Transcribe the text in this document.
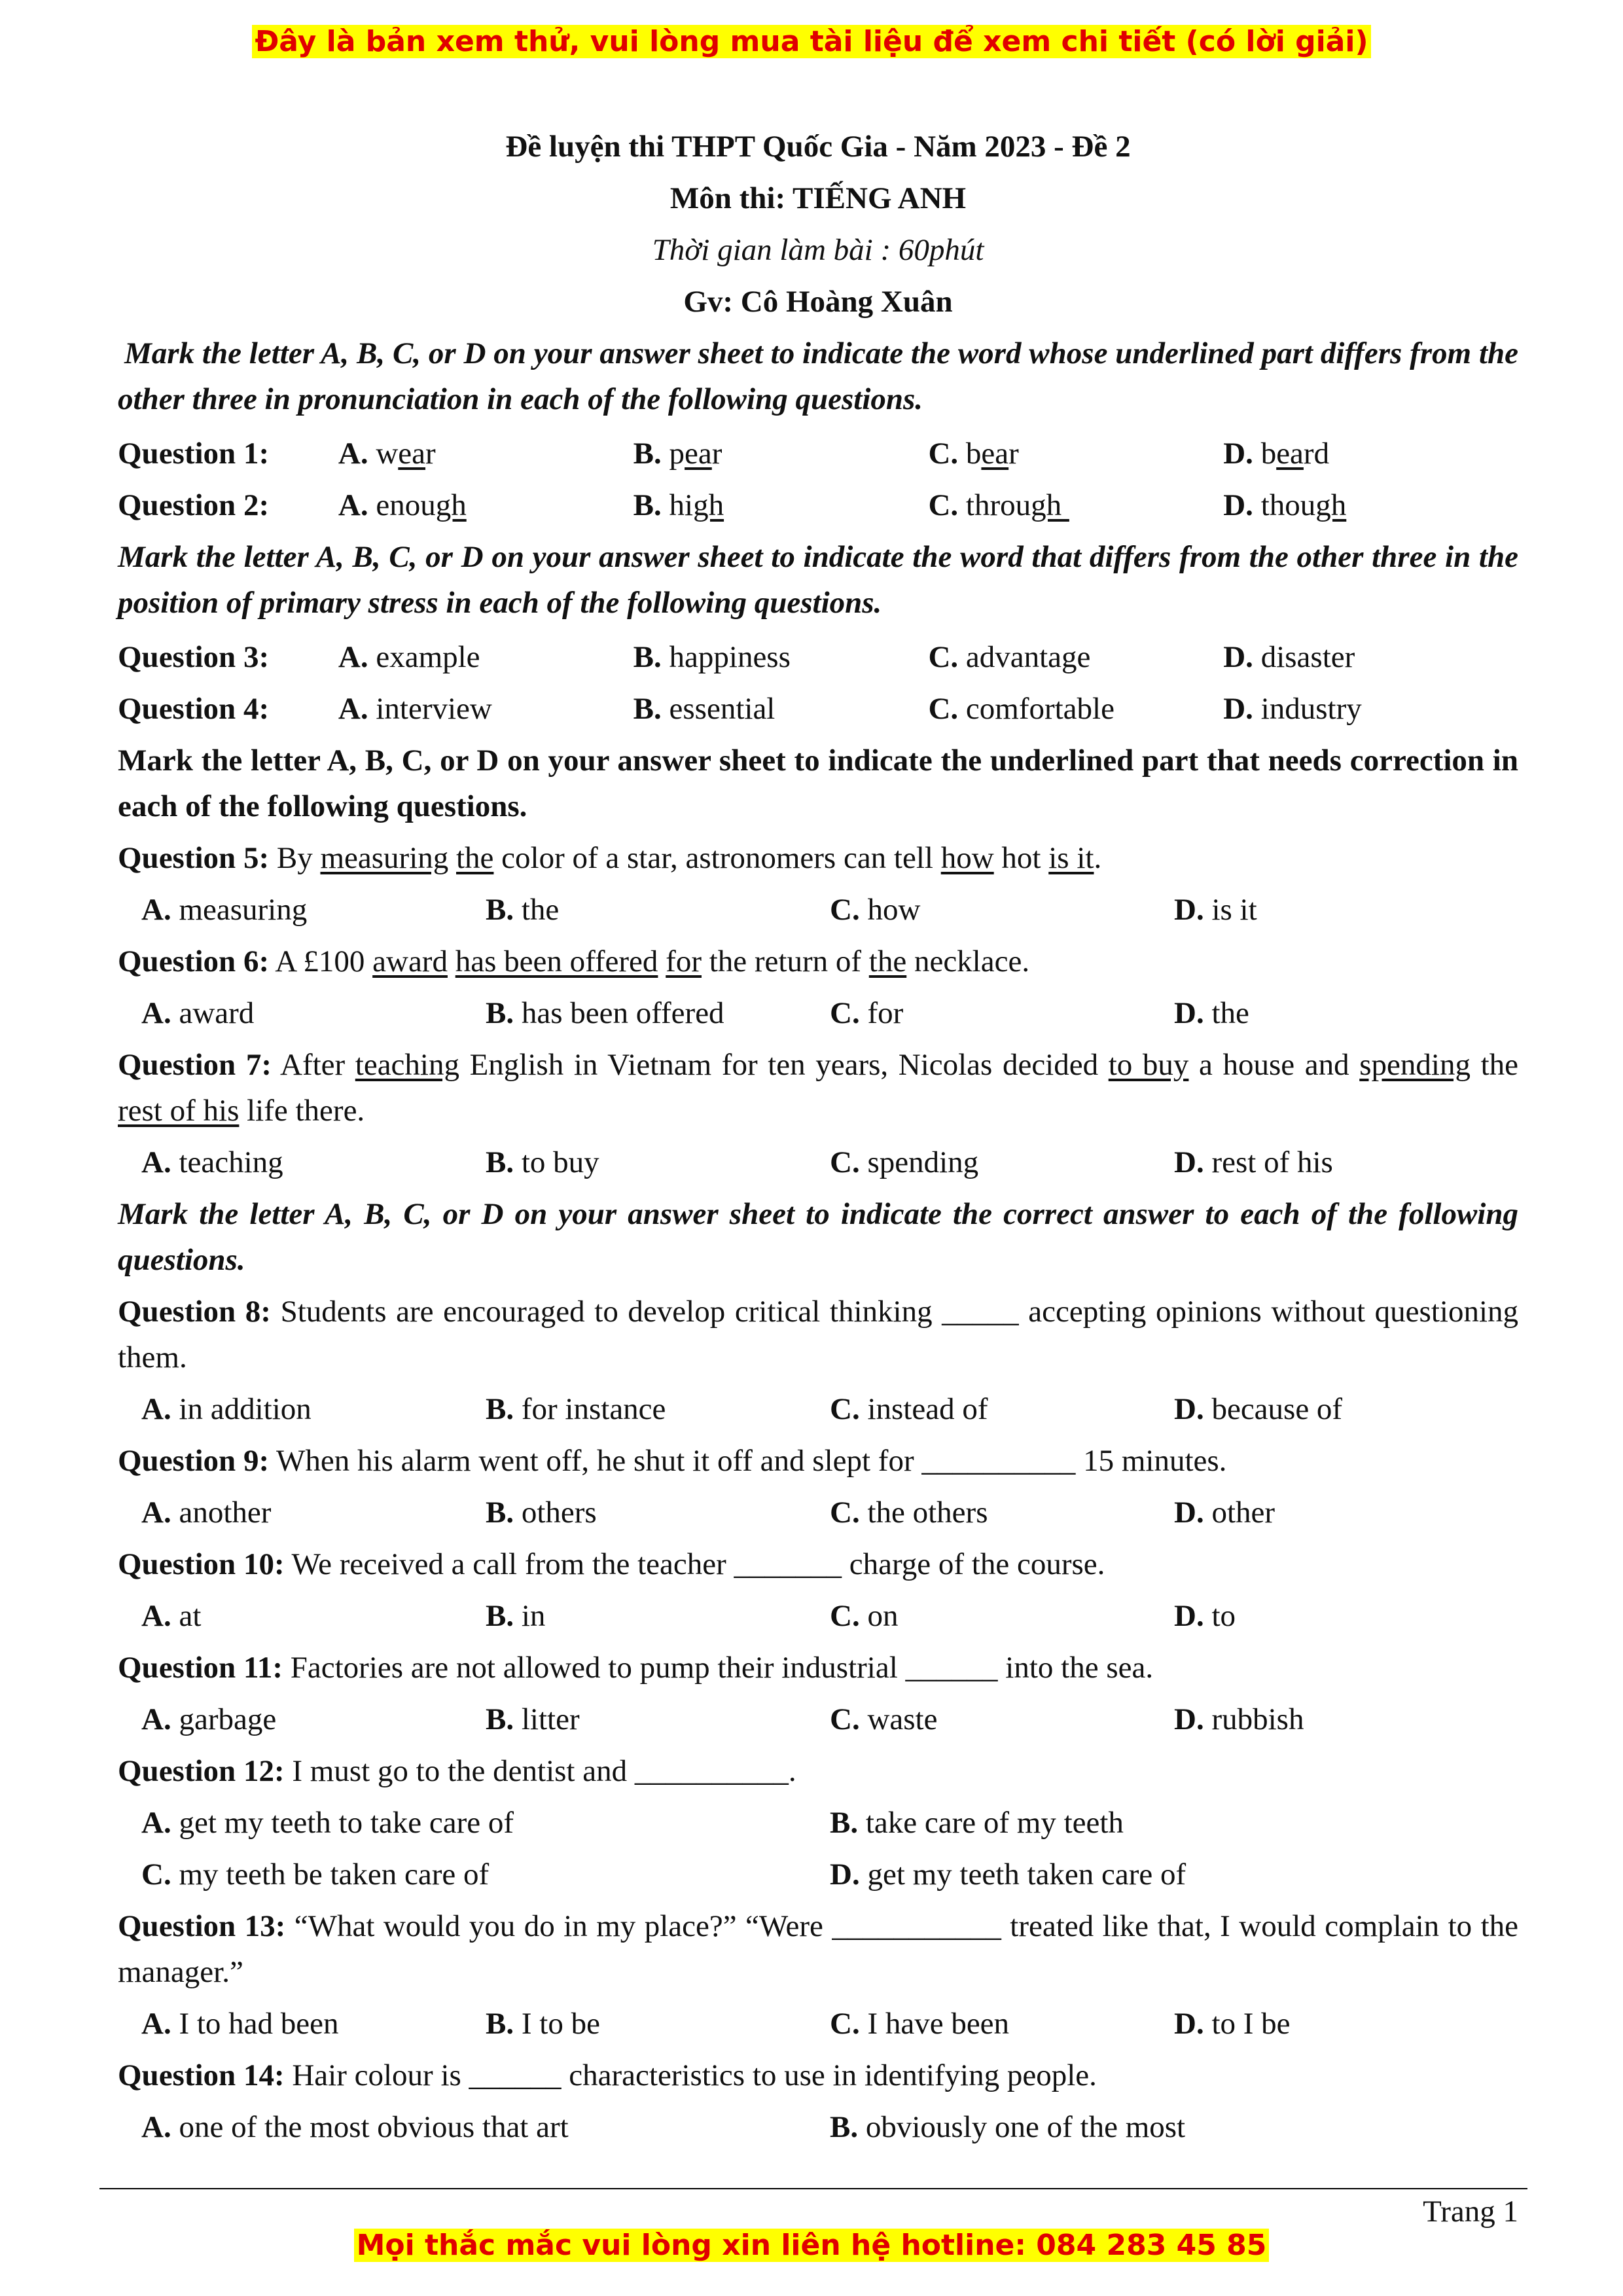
Đây là bản xem thử, vui lòng mua tài liệu để xem chi tiết (có lời giải)
Đề luyện thi THPT Quốc Gia - Năm 2023 - Đề 2
Môn thi: TIẾNG ANH
Thời gian làm bài : 60phút
Gv: Cô Hoàng Xuân
Mark the letter A, B, C, or D on your answer sheet to indicate the word whose underlined part differs from the other three in pronunciation in each of the following questions.
Question 1:	A. wear	B. pear	C. bear	D. beard
Question 2:	A. enough	B. high	C. through	D. though
Mark the letter A, B, C, or D on your answer sheet to indicate the word that differs from the other three in the position of primary stress in each of the following questions.
Question 3:	A. example	B. happiness	C. advantage	D. disaster
Question 4:	A. interview	B. essential	C. comfortable	D. industry
Mark the letter A, B, C, or D on your answer sheet to indicate the underlined part that needs correction in each of the following questions.
Question 5: By measuring the color of a star, astronomers can tell how hot is it.
A. measuring	B. the	C. how	D. is it
Question 6: A £100 award has been offered for the return of the necklace.
A. award	B. has been offered	C. for	D. the
Question 7: After teaching English in Vietnam for ten years, Nicolas decided to buy a house and spending the rest of his life there.
A. teaching	B. to buy	C. spending	D. rest of his
Mark the letter A, B, C, or D on your answer sheet to indicate the correct answer to each of the following questions.
Question 8: Students are encouraged to develop critical thinking _____ accepting opinions without questioning them.
A. in addition	B. for instance	C. instead of	D. because of
Question 9: When his alarm went off, he shut it off and slept for __________ 15 minutes.
A. another	B. others	C. the others	D. other
Question 10: We received a call from the teacher _______ charge of the course.
A. at	B. in	C. on	D. to
Question 11: Factories are not allowed to pump their industrial ______ into the sea.
A. garbage	B. litter	C. waste	D. rubbish
Question 12: I must go to the dentist and __________.
A. get my teeth to take care of	B. take care of my teeth
C. my teeth be taken care of	D. get my teeth taken care of
Question 13: “What would you do in my place?” “Were ___________ treated like that, I would complain to the manager.”
A. I to had been	B. I to be	C. I have been	D. to I be
Question 14: Hair colour is ______ characteristics to use in identifying people.
A. one of the most obvious that art	B. obviously one of the most
Trang 1
Mọi thắc mắc vui lòng xin liên hệ hotline: 084 283 45 85
